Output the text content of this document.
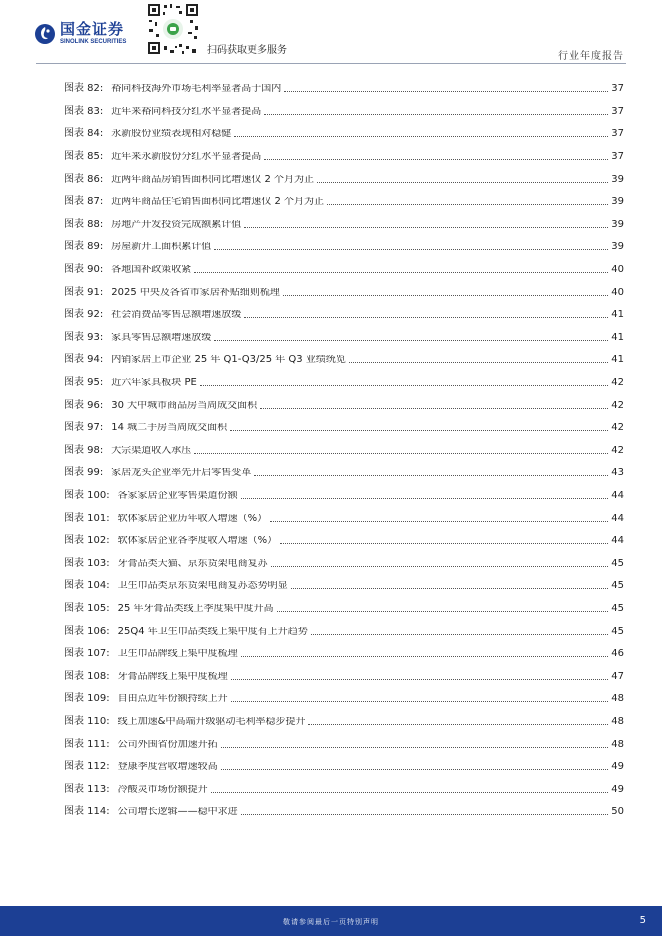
国金证券
SINOLINK SECURITIES
扫码获取更多服务
行业年度报告
图表 82: 裕同科技海外市场毛利率显著高于国内	37
图表 83: 近年来裕同科技分红水平显著提高	37
图表 84: 永新股份业绩表现相对稳健	37
图表 85: 近年来永新股份分红水平显著提高	37
图表 86: 近两年商品房销售面积同比增速仅 2 个月为正	39
图表 87: 近两年商品住宅销售面积同比增速仅 2 个月为正	39
图表 88: 房地产开发投资完成额累计值	39
图表 89: 房屋新开工面积累计值	39
图表 90: 各地国补政策收紧	40
图表 91: 2025 中央及各省市家居补贴细则梳理	40
图表 92: 社会消费品零售总额增速放缓	41
图表 93: 家具零售总额增速放缓	41
图表 94: 内销家居上市企业 25 年 Q1-Q3/25 年 Q3 业绩统览	41
图表 95: 近六年家具板块 PE	42
图表 96: 30 大中城市商品房当周成交面积	42
图表 97: 14 城二手房当周成交面积	42
图表 98: 大宗渠道收入承压	42
图表 99: 家居龙头企业率先开启零售变革	43
图表 100: 各家家居企业零售渠道份额	44
图表 101: 软体家居企业历年收入增速（%）	44
图表 102: 软体家居企业各季度收入增速（%）	44
图表 103: 牙膏品类天猫、京东货架电商复苏	45
图表 104: 卫生巾品类京东货架电商复苏态势明显	45
图表 105: 25 年牙膏品类线上季度集中度升高	45
图表 106: 25Q4 年卫生巾品类线上集中度有上升趋势	45
图表 107: 卫生巾品牌线上集中度梳理	46
图表 108: 牙膏品牌线上集中度梳理	47
图表 109: 自由点近年份额持续上升	48
图表 110: 线上加速&中高端升级驱动毛利率稳步提升	48
图表 111: 公司外围省份加速开拓	48
图表 112: 登康季度营收增速较高	49
图表 113: 冷酸灵市场份额提升	49
图表 114: 公司增长逻辑——稳中求进	50
敬请参阅最后一页特别声明	5
